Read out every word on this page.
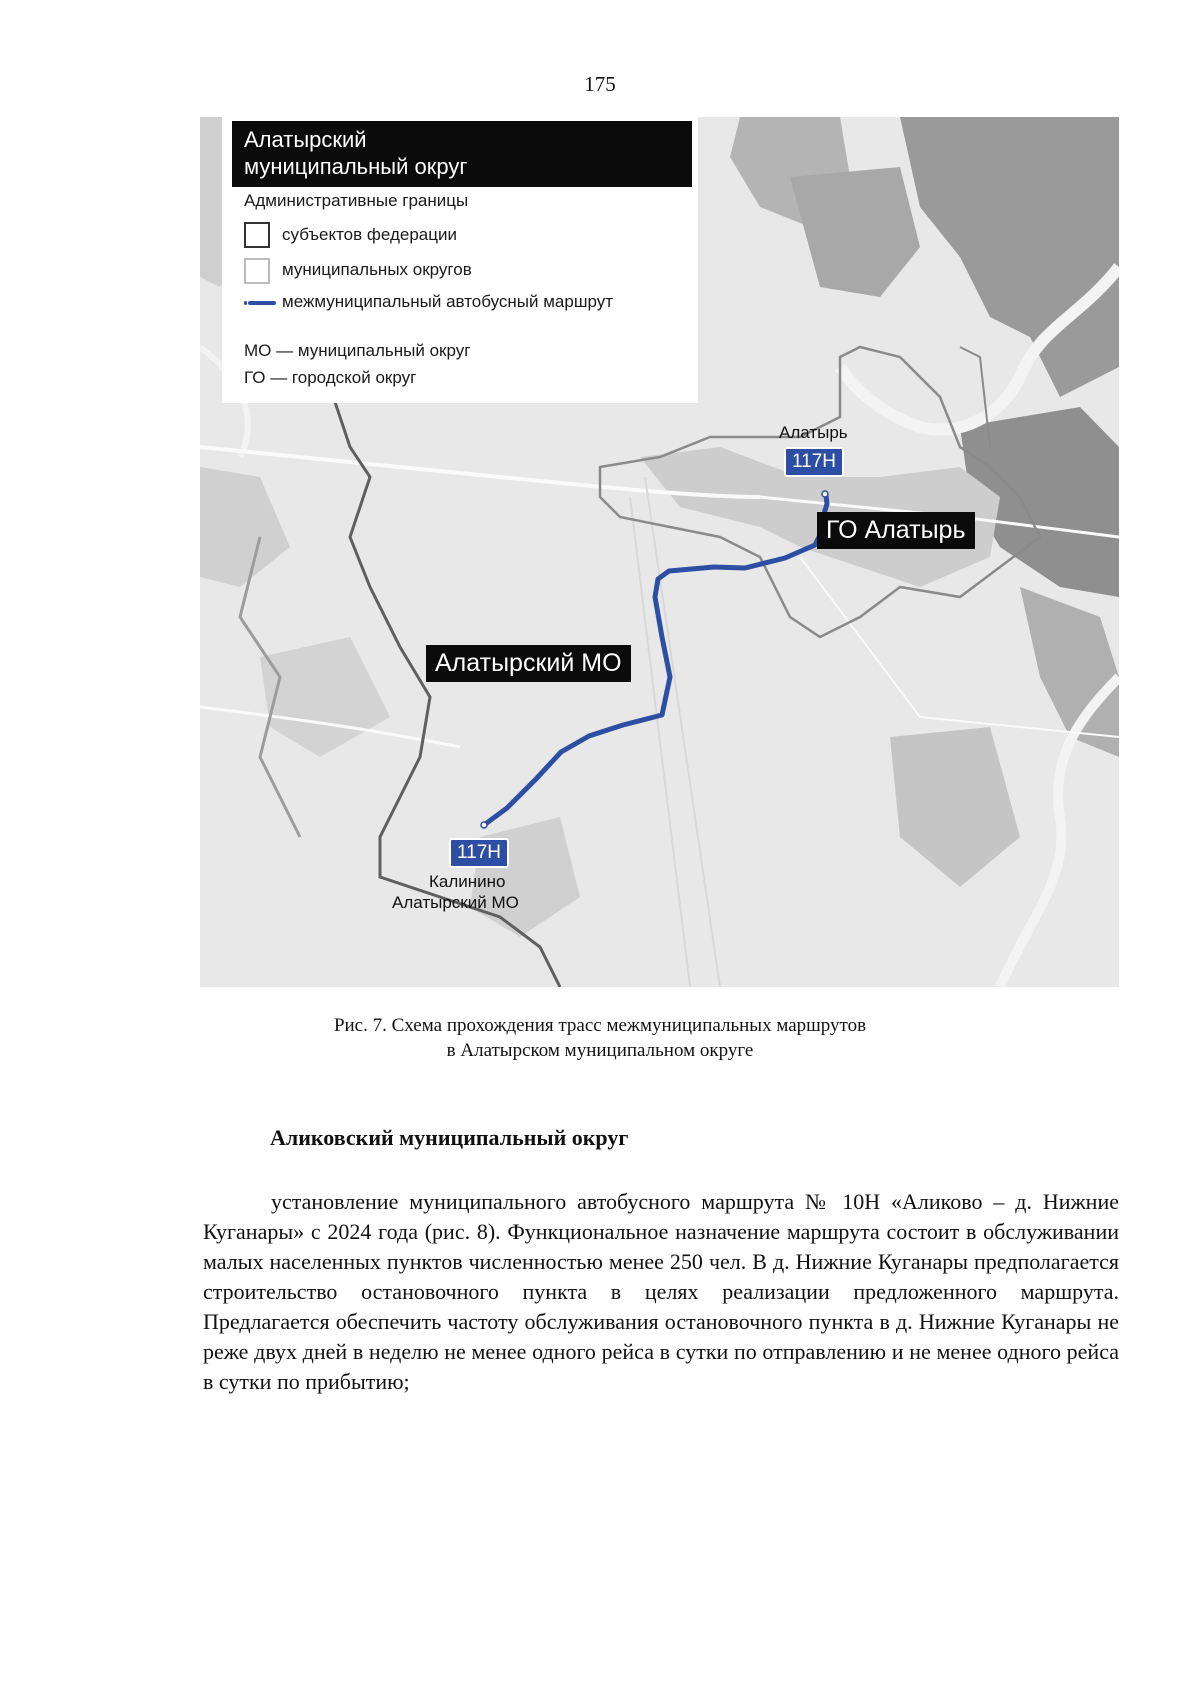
175
Алатырский
муниципальный округ
Административные границы
субъектов федерации
муниципальных округов
межмуниципальный автобусный маршрут
МО — муниципальный округ
ГО — городской округ
Алатырь
117Н
ГО Алатырь
Алатырский МО
117Н
Калинино
Алатырский МО
Рис. 7. Схема прохождения трасс межмуниципальных маршрутов
в Алатырском муниципальном округе
Аликовский муниципальный округ
установление муниципального автобусного маршрута № 10Н «Аликово – д. Нижние Куганары» с 2024 года (рис. 8). Функциональное назначение маршрута состоит в обслуживании малых населенных пунктов численностью менее 250 чел. В д. Нижние Куганары предполагается строительство остановочного пункта в целях реализации предложенного маршрута. Предлагается обеспечить частоту обслуживания остановочного пункта в д. Нижние Куганары не реже двух дней в неделю не менее одного рейса в сутки по отправлению и не менее одного рейса в сутки по прибытию;
